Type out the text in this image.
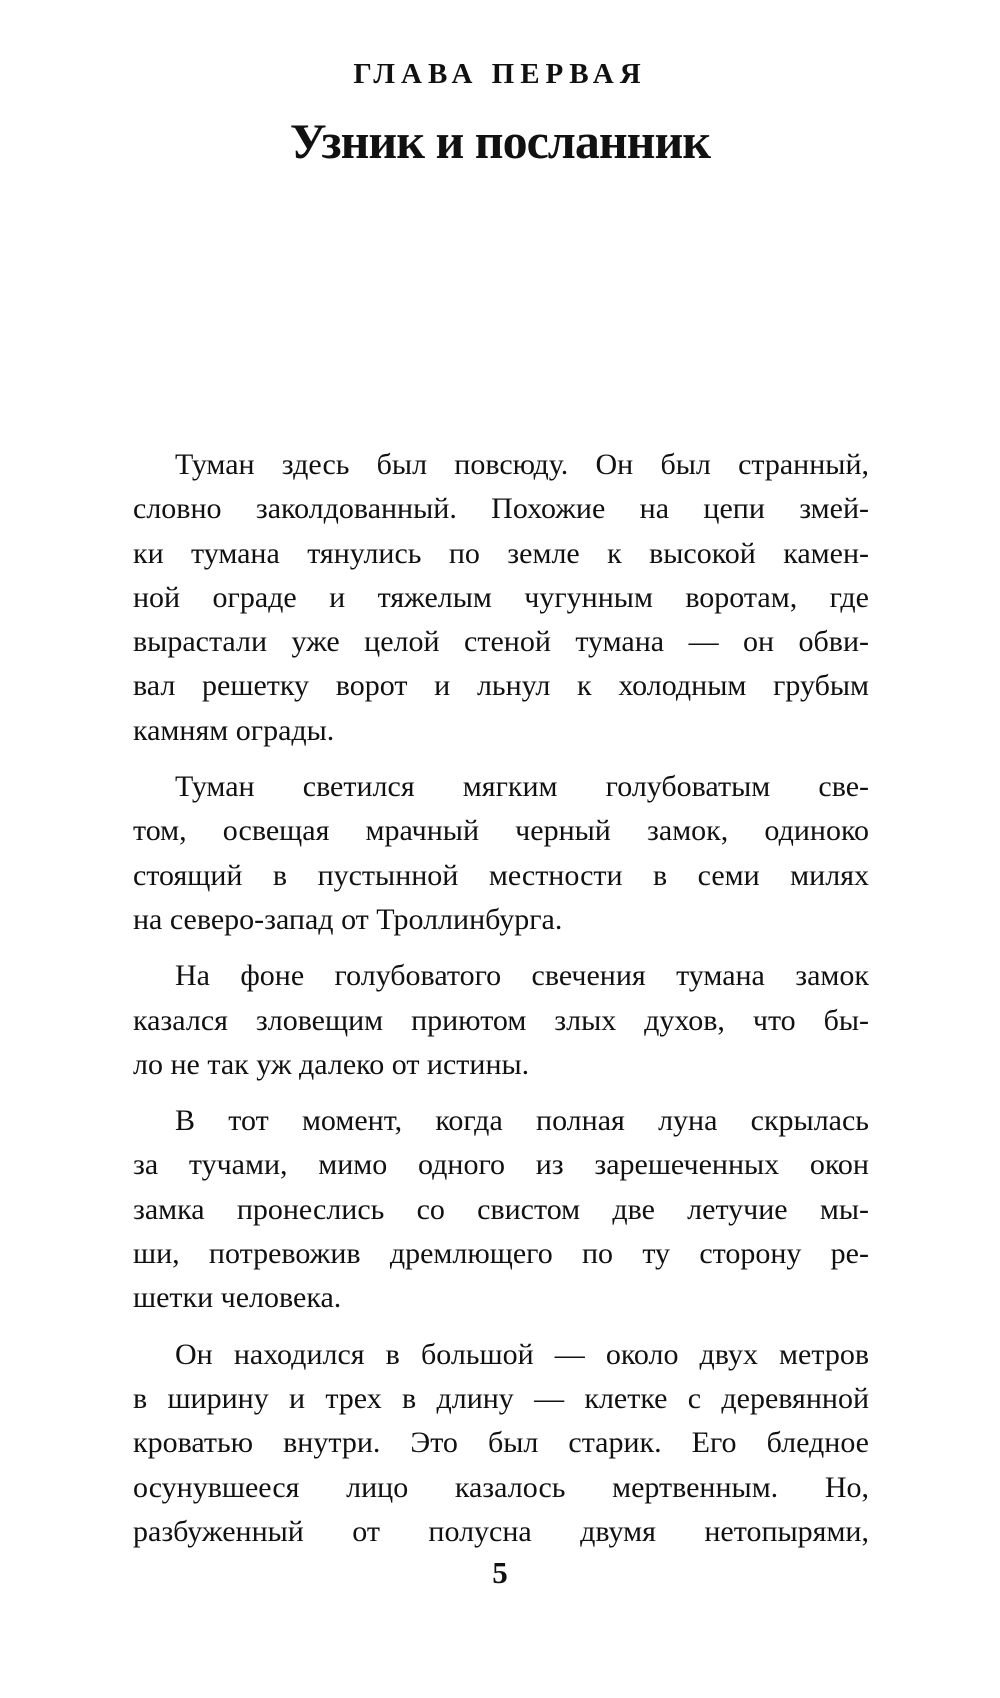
ГЛАВА ПЕРВАЯ
Узник и посланник
Туман здесь был повсюду. Он был странный,
словно заколдованный. Похожие на цепи змей-
ки тумана тянулись по земле к высокой камен-
ной ограде и тяжелым чугунным воротам, где
вырастали уже целой стеной тумана — он обви-
вал решетку ворот и льнул к холодным грубым
камням ограды.
Туман светился мягким голубоватым све-
том, освещая мрачный черный замок, одиноко
стоящий в пустынной местности в семи милях
на северо-запад от Троллинбурга.
На фоне голубоватого свечения тумана замок
казался зловещим приютом злых духов, что бы-
ло не так уж далеко от истины.
В тот момент, когда полная луна скрылась
за тучами, мимо одного из зарешеченных окон
замка пронеслись со свистом две летучие мы-
ши, потревожив дремлющего по ту сторону ре-
шетки человека.
Он находился в большой — около двух метров
в ширину и трех в длину — клетке с деревянной
кроватью внутри. Это был старик. Его бледное
осунувшееся лицо казалось мертвенным. Но,
разбуженный от полусна двумя нетопырями,
5
